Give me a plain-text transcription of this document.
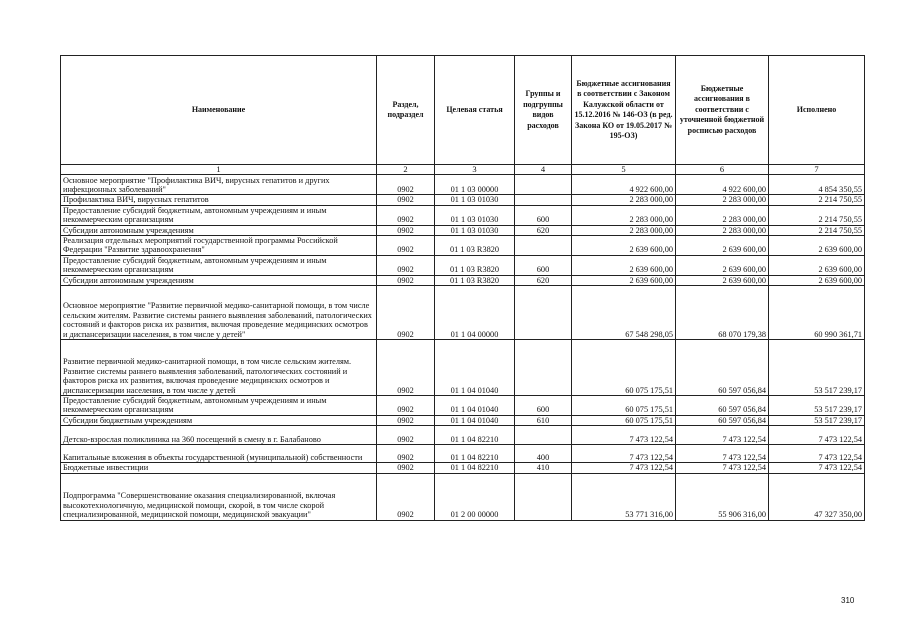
Наименование	Раздел, подраздел	Целевая статья	Группы и подгруппы видов расходов	Бюджетные ассигнования в соответствии с Законом Калужской области от 15.12.2016 № 146-ОЗ (в ред. Закона КО от 19.05.2017 № 195-ОЗ)	Бюджетные ассигнования в соответствии с уточненной бюджетной росписью расходов	Исполнено
1	2	3	4	5	6	7
Основное мероприятие "Профилактика ВИЧ, вирусных гепатитов и других инфекционных заболеваний"	0902	01 1 03 00000		4 922 600,00	4 922 600,00	4 854 350,55
Профилактика ВИЧ, вирусных гепатитов	0902	01 1 03 01030		2 283 000,00	2 283 000,00	2 214 750,55
Предоставление субсидий бюджетным, автономным учреждениям и иным некоммерческим организациям	0902	01 1 03 01030	600	2 283 000,00	2 283 000,00	2 214 750,55
Субсидии автономным учреждениям	0902	01 1 03 01030	620	2 283 000,00	2 283 000,00	2 214 750,55
Реализация отдельных мероприятий государственной программы Российской Федерации "Развитие здравоохранения"	0902	01 1 03 R3820		2 639 600,00	2 639 600,00	2 639 600,00
Предоставление субсидий бюджетным, автономным учреждениям и иным некоммерческим организациям	0902	01 1 03 R3820	600	2 639 600,00	2 639 600,00	2 639 600,00
Субсидии автономным учреждениям	0902	01 1 03 R3820	620	2 639 600,00	2 639 600,00	2 639 600,00
Основное мероприятие "Развитие первичной медико-санитарной помощи, в том числе сельским жителям. Развитие системы раннего выявления заболеваний, патологических состояний и факторов риска их развития, включая проведение медицинских осмотров и диспансеризации населения, в том числе у детей"	0902	01 1 04 00000		67 548 298,05	68 070 179,38	60 990 361,71
Развитие первичной медико-санитарной помощи, в том числе сельским жителям. Развитие системы раннего выявления заболеваний, патологических состояний и факторов риска их развития, включая проведение медицинских осмотров и диспансеризации населения, в том числе у детей	0902	01 1 04 01040		60 075 175,51	60 597 056,84	53 517 239,17
Предоставление субсидий бюджетным, автономным учреждениям и иным некоммерческим организациям	0902	01 1 04 01040	600	60 075 175,51	60 597 056,84	53 517 239,17
Субсидии бюджетным учреждениям	0902	01 1 04 01040	610	60 075 175,51	60 597 056,84	53 517 239,17
Детско-взрослая поликлиника на 360 посещений в смену в г. Балабаново	0902	01 1 04 82210		7 473 122,54	7 473 122,54	7 473 122,54
Капитальные вложения в объекты государственной (муниципальной) собственности	0902	01 1 04 82210	400	7 473 122,54	7 473 122,54	7 473 122,54
Бюджетные инвестиции	0902	01 1 04 82210	410	7 473 122,54	7 473 122,54	7 473 122,54
Подпрограмма "Совершенствование оказания специализированной, включая высокотехнологичную, медицинской помощи, скорой, в том числе скорой специализированной, медицинской помощи, медицинской эвакуации"	0902	01 2 00 00000		53 771 316,00	55 906 316,00	47 327 350,00
310
